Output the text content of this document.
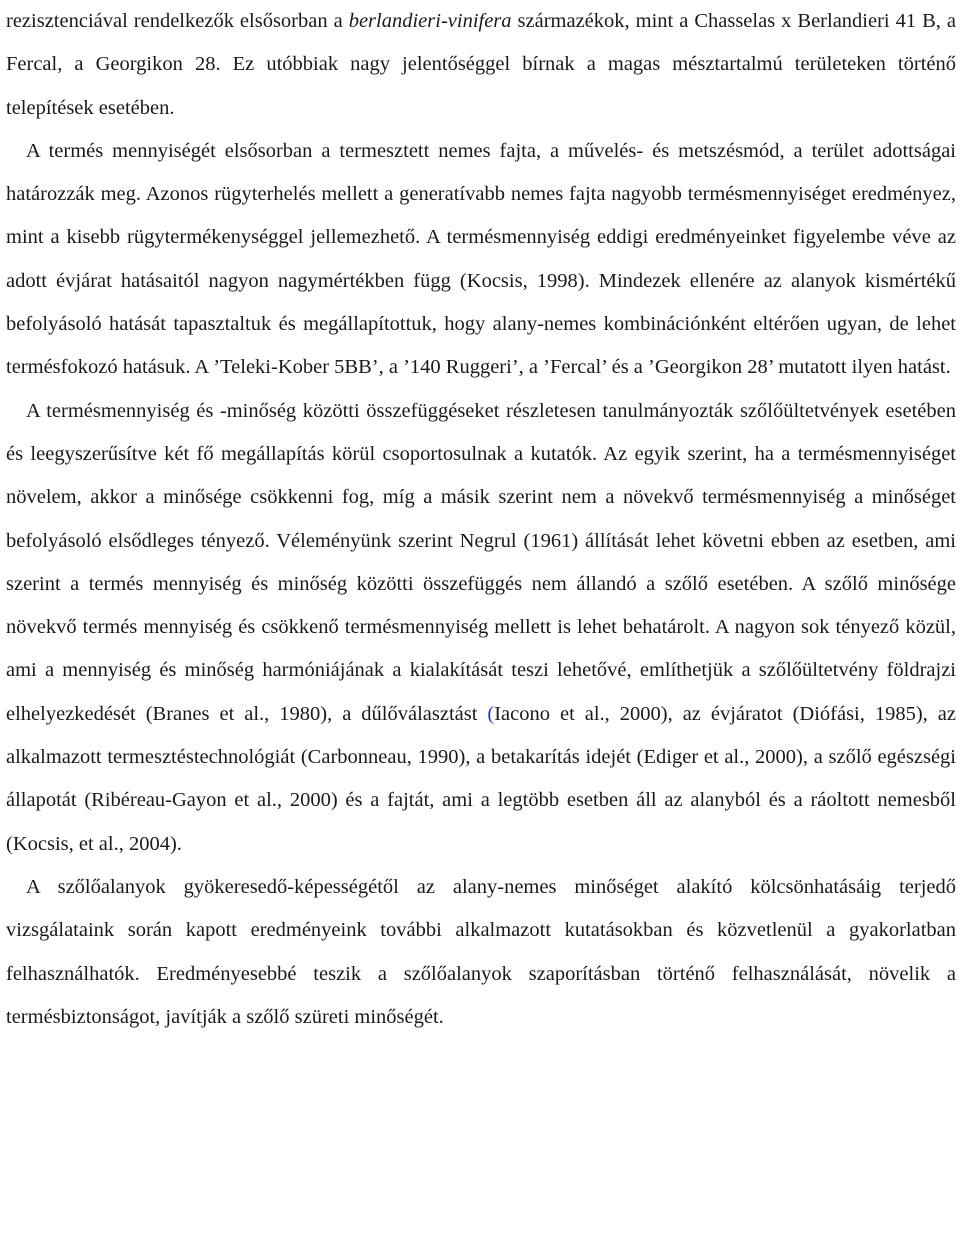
rezisztenciával rendelkezők elsősorban a berlandieri-vinifera származékok, mint a Chasselas x Berlandieri 41 B, a Fercal, a Georgikon 28. Ez utóbbiak nagy jelentőséggel bírnak a magas mésztartalmú területeken történő telepítések esetében.

A termés mennyiségét elsősorban a termesztett nemes fajta, a művelés- és metszésmód, a terület adottságai határozzák meg. Azonos rügyterhelés mellett a generatívabb nemes fajta nagyobb termésmennyiséget eredményez, mint a kisebb rügytermékenységgel jellemezhető. A termésmennyiség eddigi eredményeinket figyelembe véve az adott évjárat hatásaitól nagyon nagymértékben függ (Kocsis, 1998). Mindezek ellenére az alanyok kismértékű befolyásoló hatását tapasztaltuk és megállapítottuk, hogy alany-nemes kombinációnként eltérően ugyan, de lehet termésfokozó hatásuk. A ’Teleki-Kober 5BB’, a ’140 Ruggeri’, a ’Fercal’ és a ’Georgikon 28’ mutatott ilyen hatást.

A termésmennyiség és -minőség közötti összefüggéseket részletesen tanulmányozták szőlőültetvények esetében és leegyszerűsítve két fő megállapítás körül csoportosulnak a kutatók. Az egyik szerint, ha a termésmennyiséget növelem, akkor a minősége csökkenni fog, míg a másik szerint nem a növekvő termésmennyiség a minőséget befolyásoló elsődleges tényező. Véleményünk szerint Negrul (1961) állítását lehet követni ebben az esetben, ami szerint a termés mennyiség és minőség közötti összefüggés nem állandó a szőlő esetében. A szőlő minősége növekvő termés mennyiség és csökkenő termésmennyiség mellett is lehet behatárolt. A nagyon sok tényező közül, ami a mennyiség és minőség harmóniájának a kialakítását teszi lehetővé, említhetjük a szőlőültetvény földrajzi elhelyezkedését (Branes et al., 1980), a dűlőválasztást (Iacono et al., 2000), az évjáratot (Diófási, 1985), az alkalmazott termesztéstechnológiát (Carbonneau, 1990), a betakarítás idejét (Ediger et al., 2000), a szőlő egészségi állapotát (Ribéreau-Gayon et al., 2000) és a fajtát, ami a legtöbb esetben áll az alanyból és a ráoltott nemesből (Kocsis, et al., 2004).

A szőlőalanyok gyökeresedő-képességétől az alany-nemes minőséget alakító kölcsönhatásáig terjedő vizsgálataink során kapott eredményeink további alkalmazott kutatásokban és közvetlenül a gyakorlatban felhasználhatók. Eredményesebbé teszik a szőlőalanyok szaporításban történő felhasználását, növelik a termésbiztonságot, javítják a szőlő szüreti minőségét.
